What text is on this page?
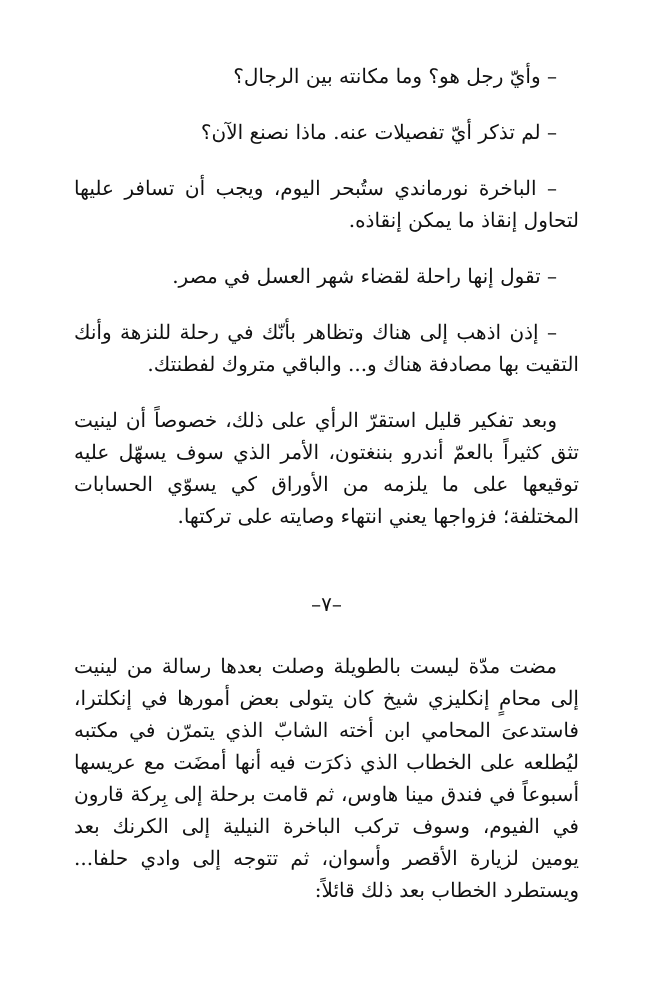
– وأيّ رجل هو؟ وما مكانته بين الرجال؟

– لم تذكر أيّ تفصيلات عنه. ماذا نصنع الآن؟

– الباخرة نورماندي ستُبحر اليوم، ويجب أن تسافر عليها لتحاول إنقاذ ما يمكن إنقاذه.

– تقول إنها راحلة لقضاء شهر العسل في مصر.

– إذن اذهب إلى هناك وتظاهر بأنّك في رحلة للنزهة وأنك التقيت بها مصادفة هناك و... والباقي متروك لفطنتك.

وبعد تفكير قليل استقرّ الرأي على ذلك، خصوصاً أن لينيت تثق كثيراً بالعمّ أندرو بننغتون، الأمر الذي سوف يسهّل عليه توقيعها على ما يلزمه من الأوراق كي يسوّي الحسابات المختلفة؛ فزواجها يعني انتهاء وصايته على تركتها.

–٧–

مضت مدّة ليست بالطويلة وصلت بعدها رسالة من لينيت إلى محامٍ إنكليزي شيخ كان يتولى بعض أمورها في إنكلترا، فاستدعىَ المحامي ابن أخته الشابّ الذي يتمرّن في مكتبه ليُطلعه على الخطاب الذي ذكرَت فيه أنها أمضَت مع عريسها أسبوعاً في فندق مينا هاوس، ثم قامت برحلة إلى بِركة قارون في الفيوم، وسوف تركب الباخرة النيلية إلى الكرنك بعد يومين لزيارة الأقصر وأسوان، ثم تتوجه إلى وادي حلفا... ويستطرد الخطاب بعد ذلك قائلاً:
